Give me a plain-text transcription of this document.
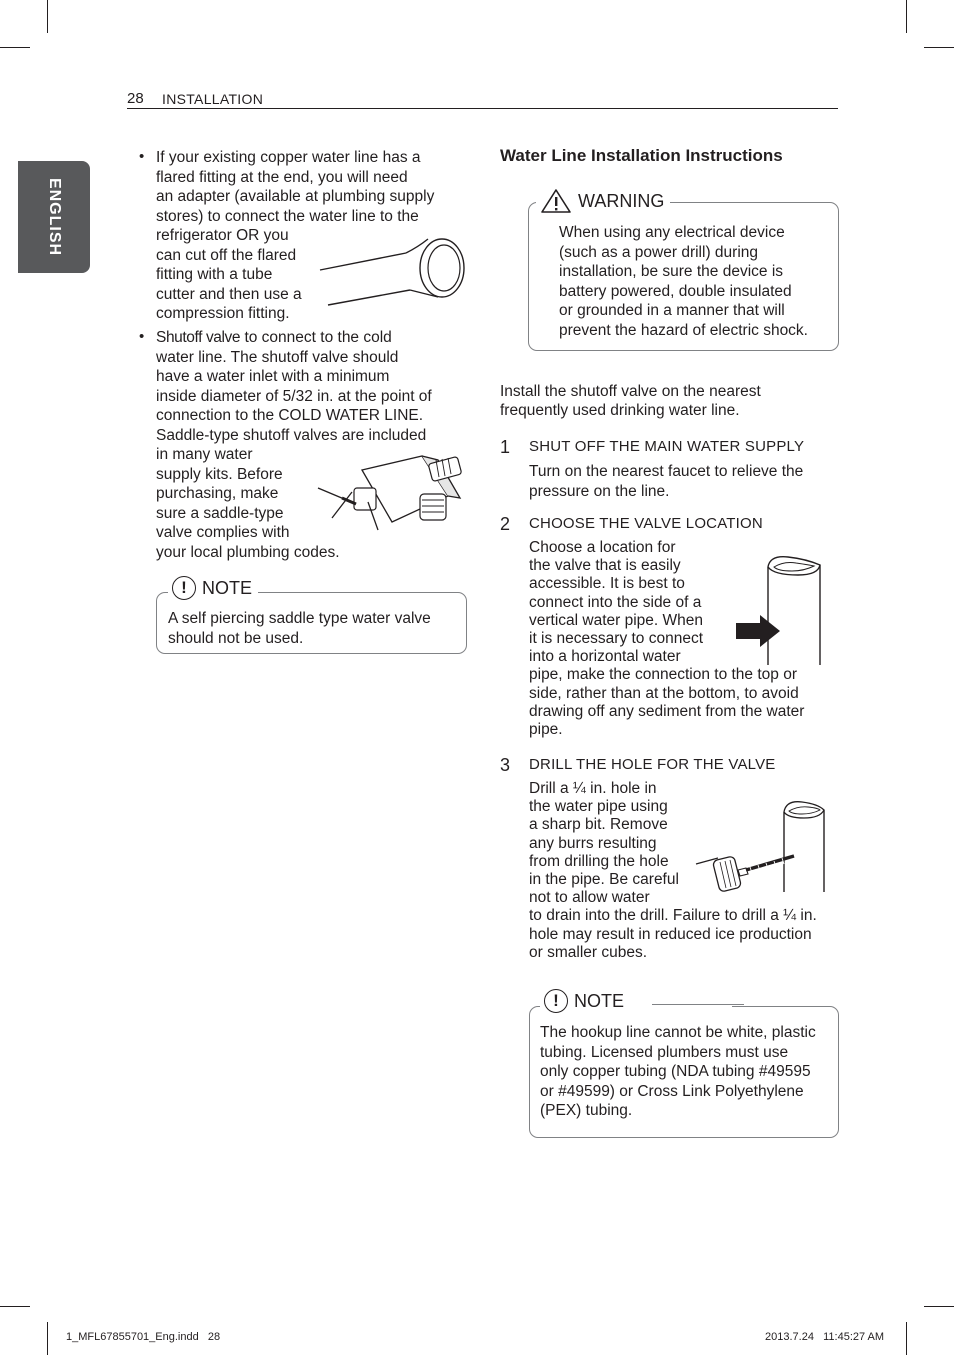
28 INSTALLATION
ENGLISH
• If your existing copper water line has a
flared fitting at the end, you will need
an adapter (available at plumbing supply
stores) to connect the water line to the
refrigerator OR you
can cut off the flared
fitting with a tube
cutter and then use a
compression fitting.
• Shutoff valve to connect to the cold
water line. The shutoff valve should
have a water inlet with a minimum
inside diameter of 5/32 in. at the point of
connection to the COLD WATER LINE.
Saddle-type shutoff valves are included
in many water
supply kits. Before
purchasing, make
sure a saddle-type
valve complies with
your local plumbing codes.
! NOTE
A self piercing saddle type water valve
should not be used.
Water Line Installation Instructions
WARNING
When using any electrical device
(such as a power drill) during
installation, be sure the device is
battery powered, double insulated
or grounded in a manner that will
prevent the hazard of electric shock.
Install the shutoff valve on the nearest
frequently used drinking water line.
1 SHUT OFF THE MAIN WATER SUPPLY
Turn on the nearest faucet to relieve the
pressure on the line.
2 CHOOSE THE VALVE LOCATION
Choose a location for
the valve that is easily
accessible. It is best to
connect into the side of a
vertical water pipe. When
it is necessary to connect
into a horizontal water
pipe, make the connection to the top or
side, rather than at the bottom, to avoid
drawing off any sediment from the water
pipe.
3 DRILL THE HOLE FOR THE VALVE
Drill a ¼ in. hole in
the water pipe using
a sharp bit. Remove
any burrs resulting
from drilling the hole
in the pipe. Be careful
not to allow water
to drain into the drill. Failure to drill a ¼ in.
hole may result in reduced ice production
or smaller cubes.
! NOTE
The hookup line cannot be white, plastic
tubing. Licensed plumbers must use
only copper tubing (NDA tubing #49595
or #49599) or Cross Link Polyethylene
(PEX) tubing.
1_MFL67855701_Eng.indd   28	2013.7.24   11:45:27 AM
